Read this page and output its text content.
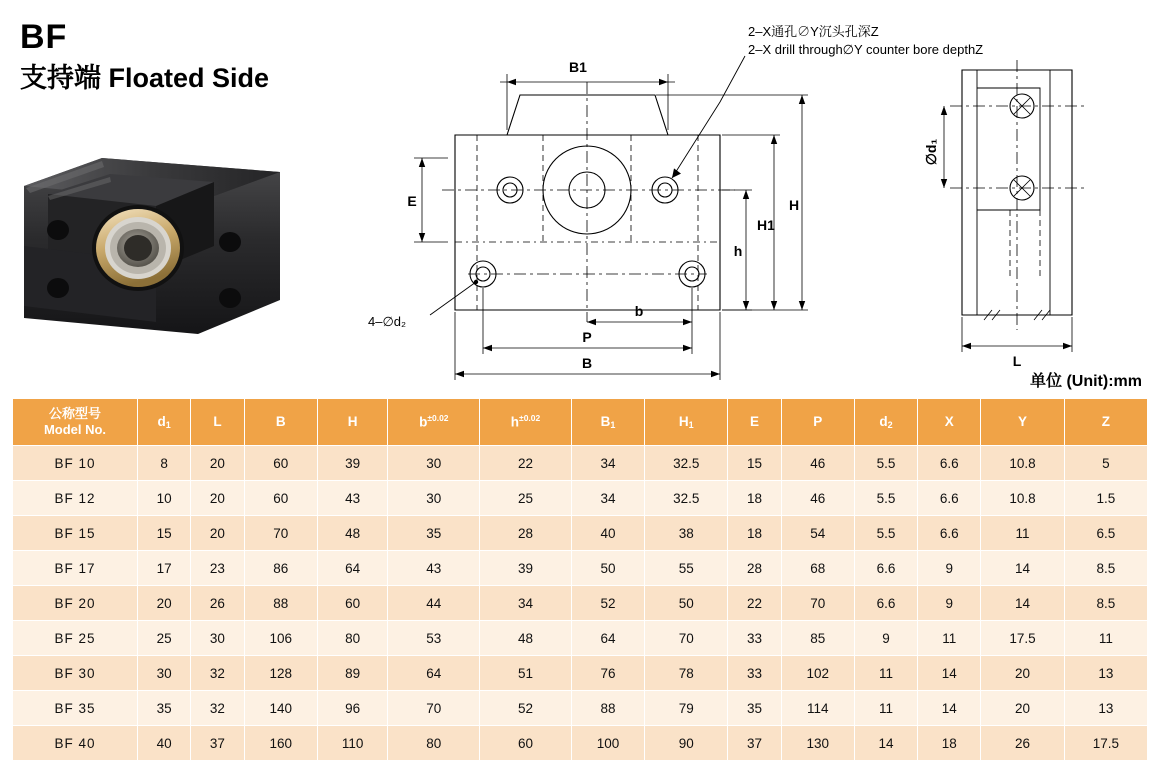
BF
支持端 Floated Side
2–X通孔∅Y沉头孔深Z
2–X drill through∅Y counter bore depthZ
4–∅d₂
B1
E
h
H1
H
b
P
B
∅d₁
L
单位 (Unit):mm
公称型号
Model No.	$d_1$	L	B	H	$b^{\pm 0.02}$	$h^{\pm 0.02}$	$B_1$	$H_1$	E	P	$d_2$	X	Y	Z
BF 10	8	20	60	39	30	22	34	32.5	15	46	5.5	6.6	10.8	5
BF 12	10	20	60	43	30	25	34	32.5	18	46	5.5	6.6	10.8	1.5
BF 15	15	20	70	48	35	28	40	38	18	54	5.5	6.6	11	6.5
BF 17	17	23	86	64	43	39	50	55	28	68	6.6	9	14	8.5
BF 20	20	26	88	60	44	34	52	50	22	70	6.6	9	14	8.5
BF 25	25	30	106	80	53	48	64	70	33	85	9	11	17.5	11
BF 30	30	32	128	89	64	51	76	78	33	102	11	14	20	13
BF 35	35	32	140	96	70	52	88	79	35	114	11	14	20	13
BF 40	40	37	160	110	80	60	100	90	37	130	14	18	26	17.5
